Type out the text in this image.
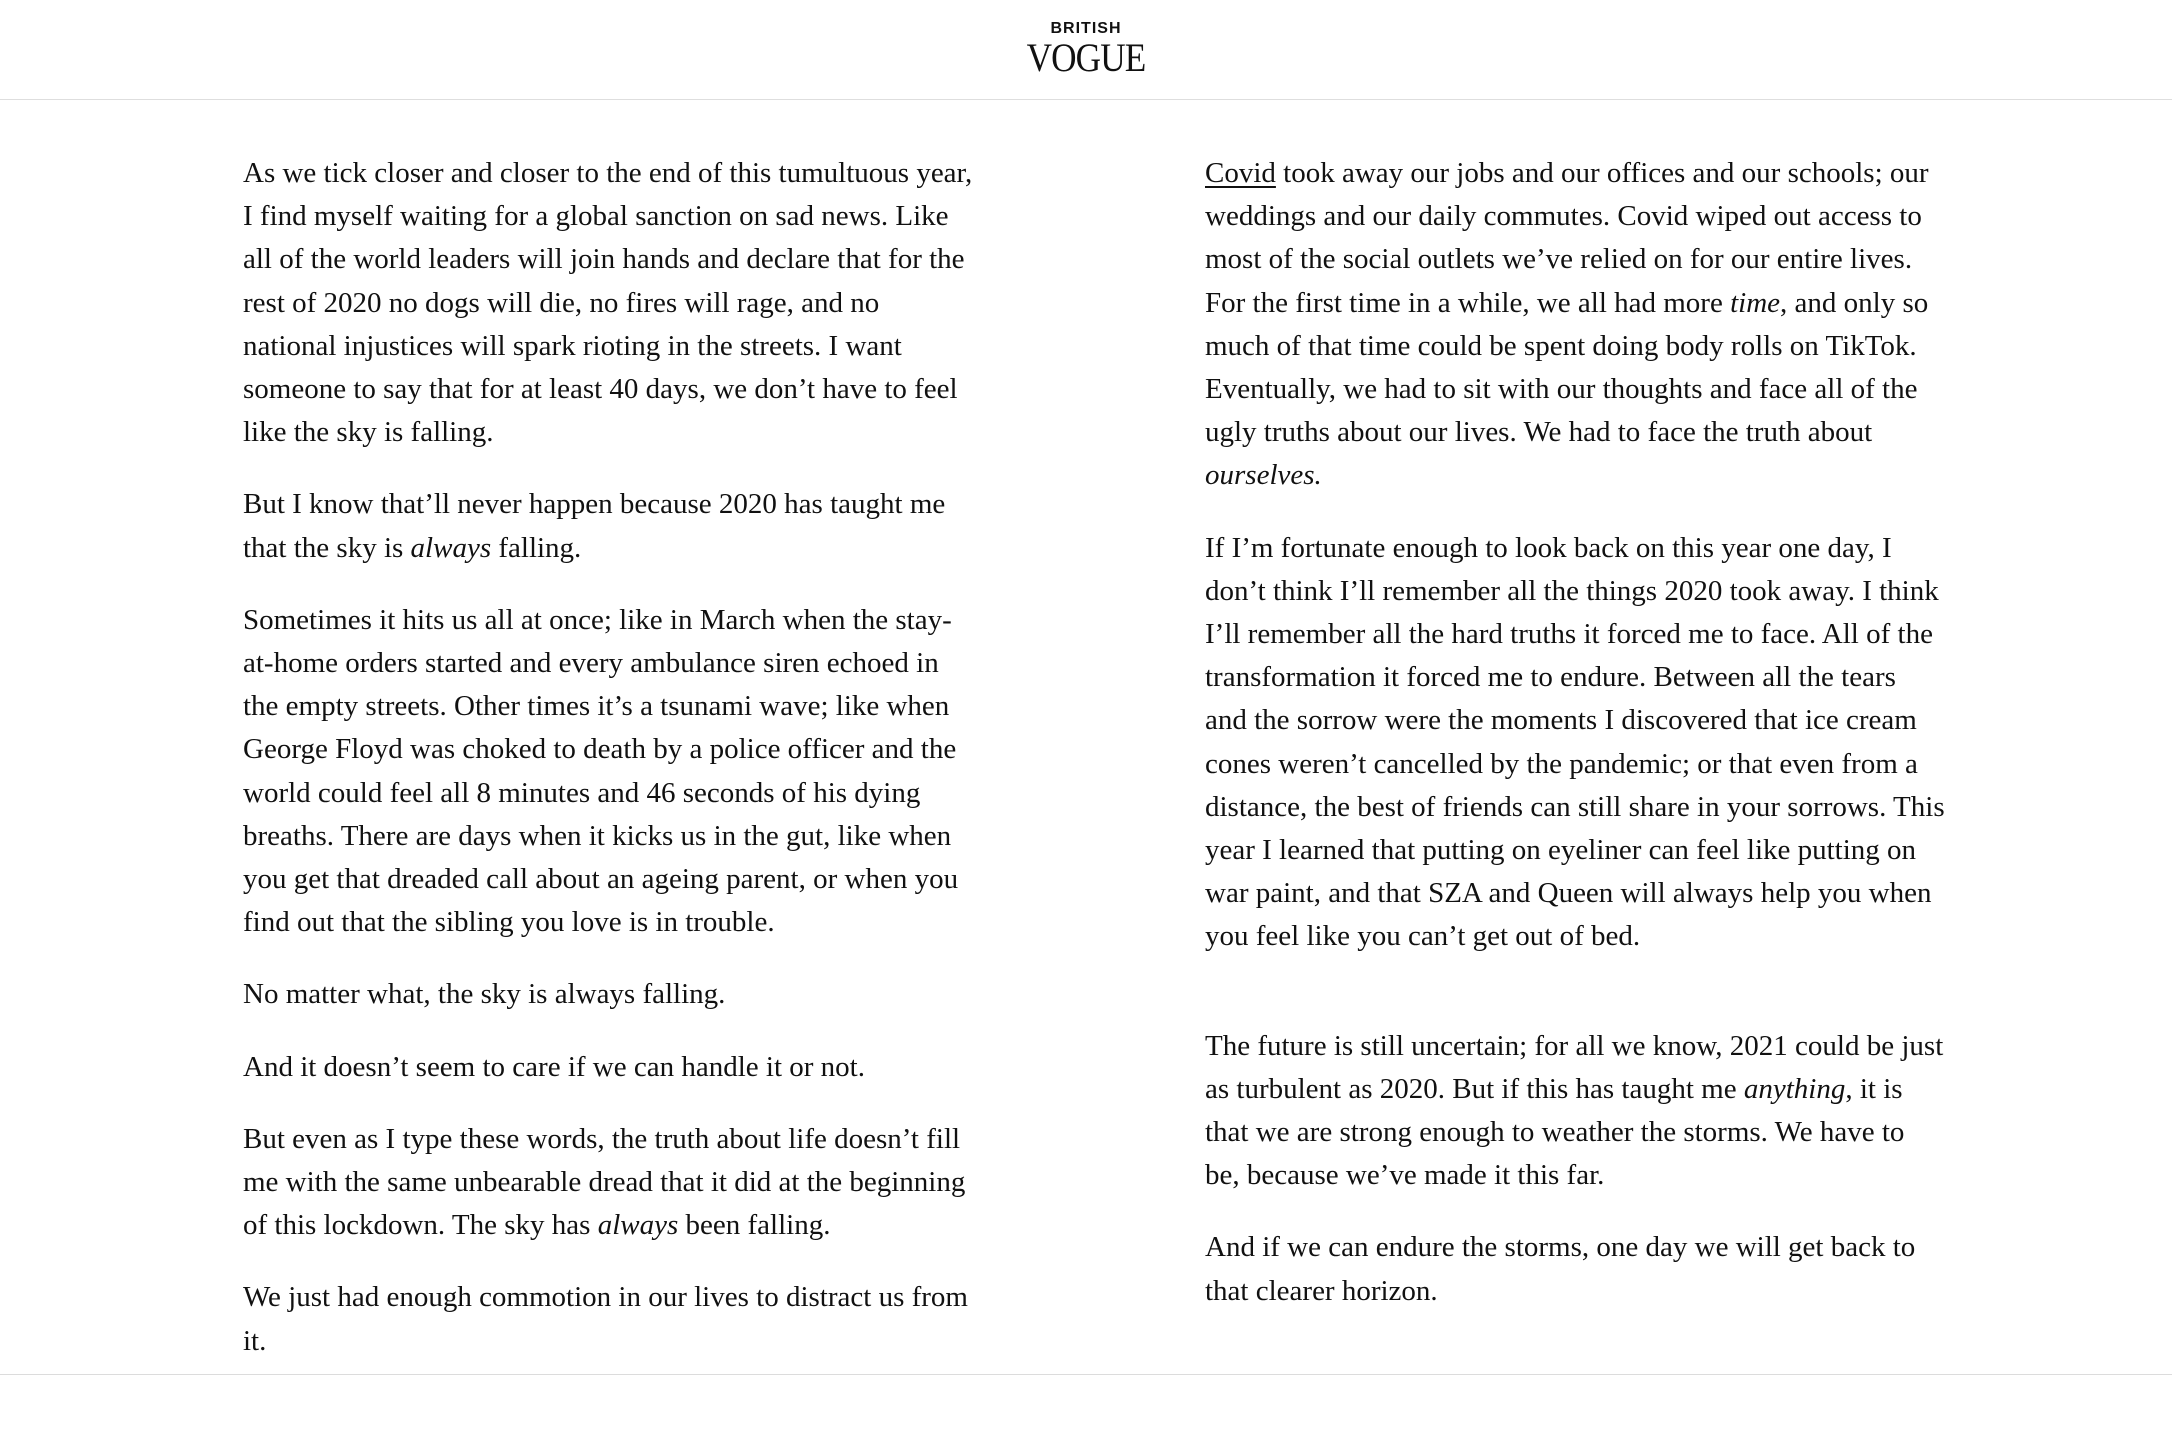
BRITISH
VOGUE

As we tick closer and closer to the end of this tumultuous year, I find myself waiting for a global sanction on sad news. Like all of the world leaders will join hands and declare that for the rest of 2020 no dogs will die, no fires will rage, and no national injustices will spark rioting in the streets. I want someone to say that for at least 40 days, we don’t have to feel like the sky is falling.

But I know that’ll never happen because 2020 has taught me that the sky is always falling.

Sometimes it hits us all at once; like in March when the stay-at-home orders started and every ambulance siren echoed in the empty streets. Other times it’s a tsunami wave; like when George Floyd was choked to death by a police officer and the world could feel all 8 minutes and 46 seconds of his dying breaths. There are days when it kicks us in the gut, like when you get that dreaded call about an ageing parent, or when you find out that the sibling you love is in trouble.

No matter what, the sky is always falling.

And it doesn’t seem to care if we can handle it or not.

But even as I type these words, the truth about life doesn’t fill me with the same unbearable dread that it did at the beginning of this lockdown. The sky has always been falling.

We just had enough commotion in our lives to distract us from it.

Covid took away our jobs and our offices and our schools; our weddings and our daily commutes. Covid wiped out access to most of the social outlets we’ve relied on for our entire lives. For the first time in a while, we all had more time, and only so much of that time could be spent doing body rolls on TikTok. Eventually, we had to sit with our thoughts and face all of the ugly truths about our lives. We had to face the truth about ourselves.

If I’m fortunate enough to look back on this year one day, I don’t think I’ll remember all the things 2020 took away. I think I’ll remember all the hard truths it forced me to face. All of the transformation it forced me to endure. Between all the tears and the sorrow were the moments I discovered that ice cream cones weren’t cancelled by the pandemic; or that even from a distance, the best of friends can still share in your sorrows. This year I learned that putting on eyeliner can feel like putting on war paint, and that SZA and Queen will always help you when you feel like you can’t get out of bed.

The future is still uncertain; for all we know, 2021 could be just as turbulent as 2020. But if this has taught me anything, it is that we are strong enough to weather the storms. We have to be, because we’ve made it this far.

And if we can endure the storms, one day we will get back to that clearer horizon.
